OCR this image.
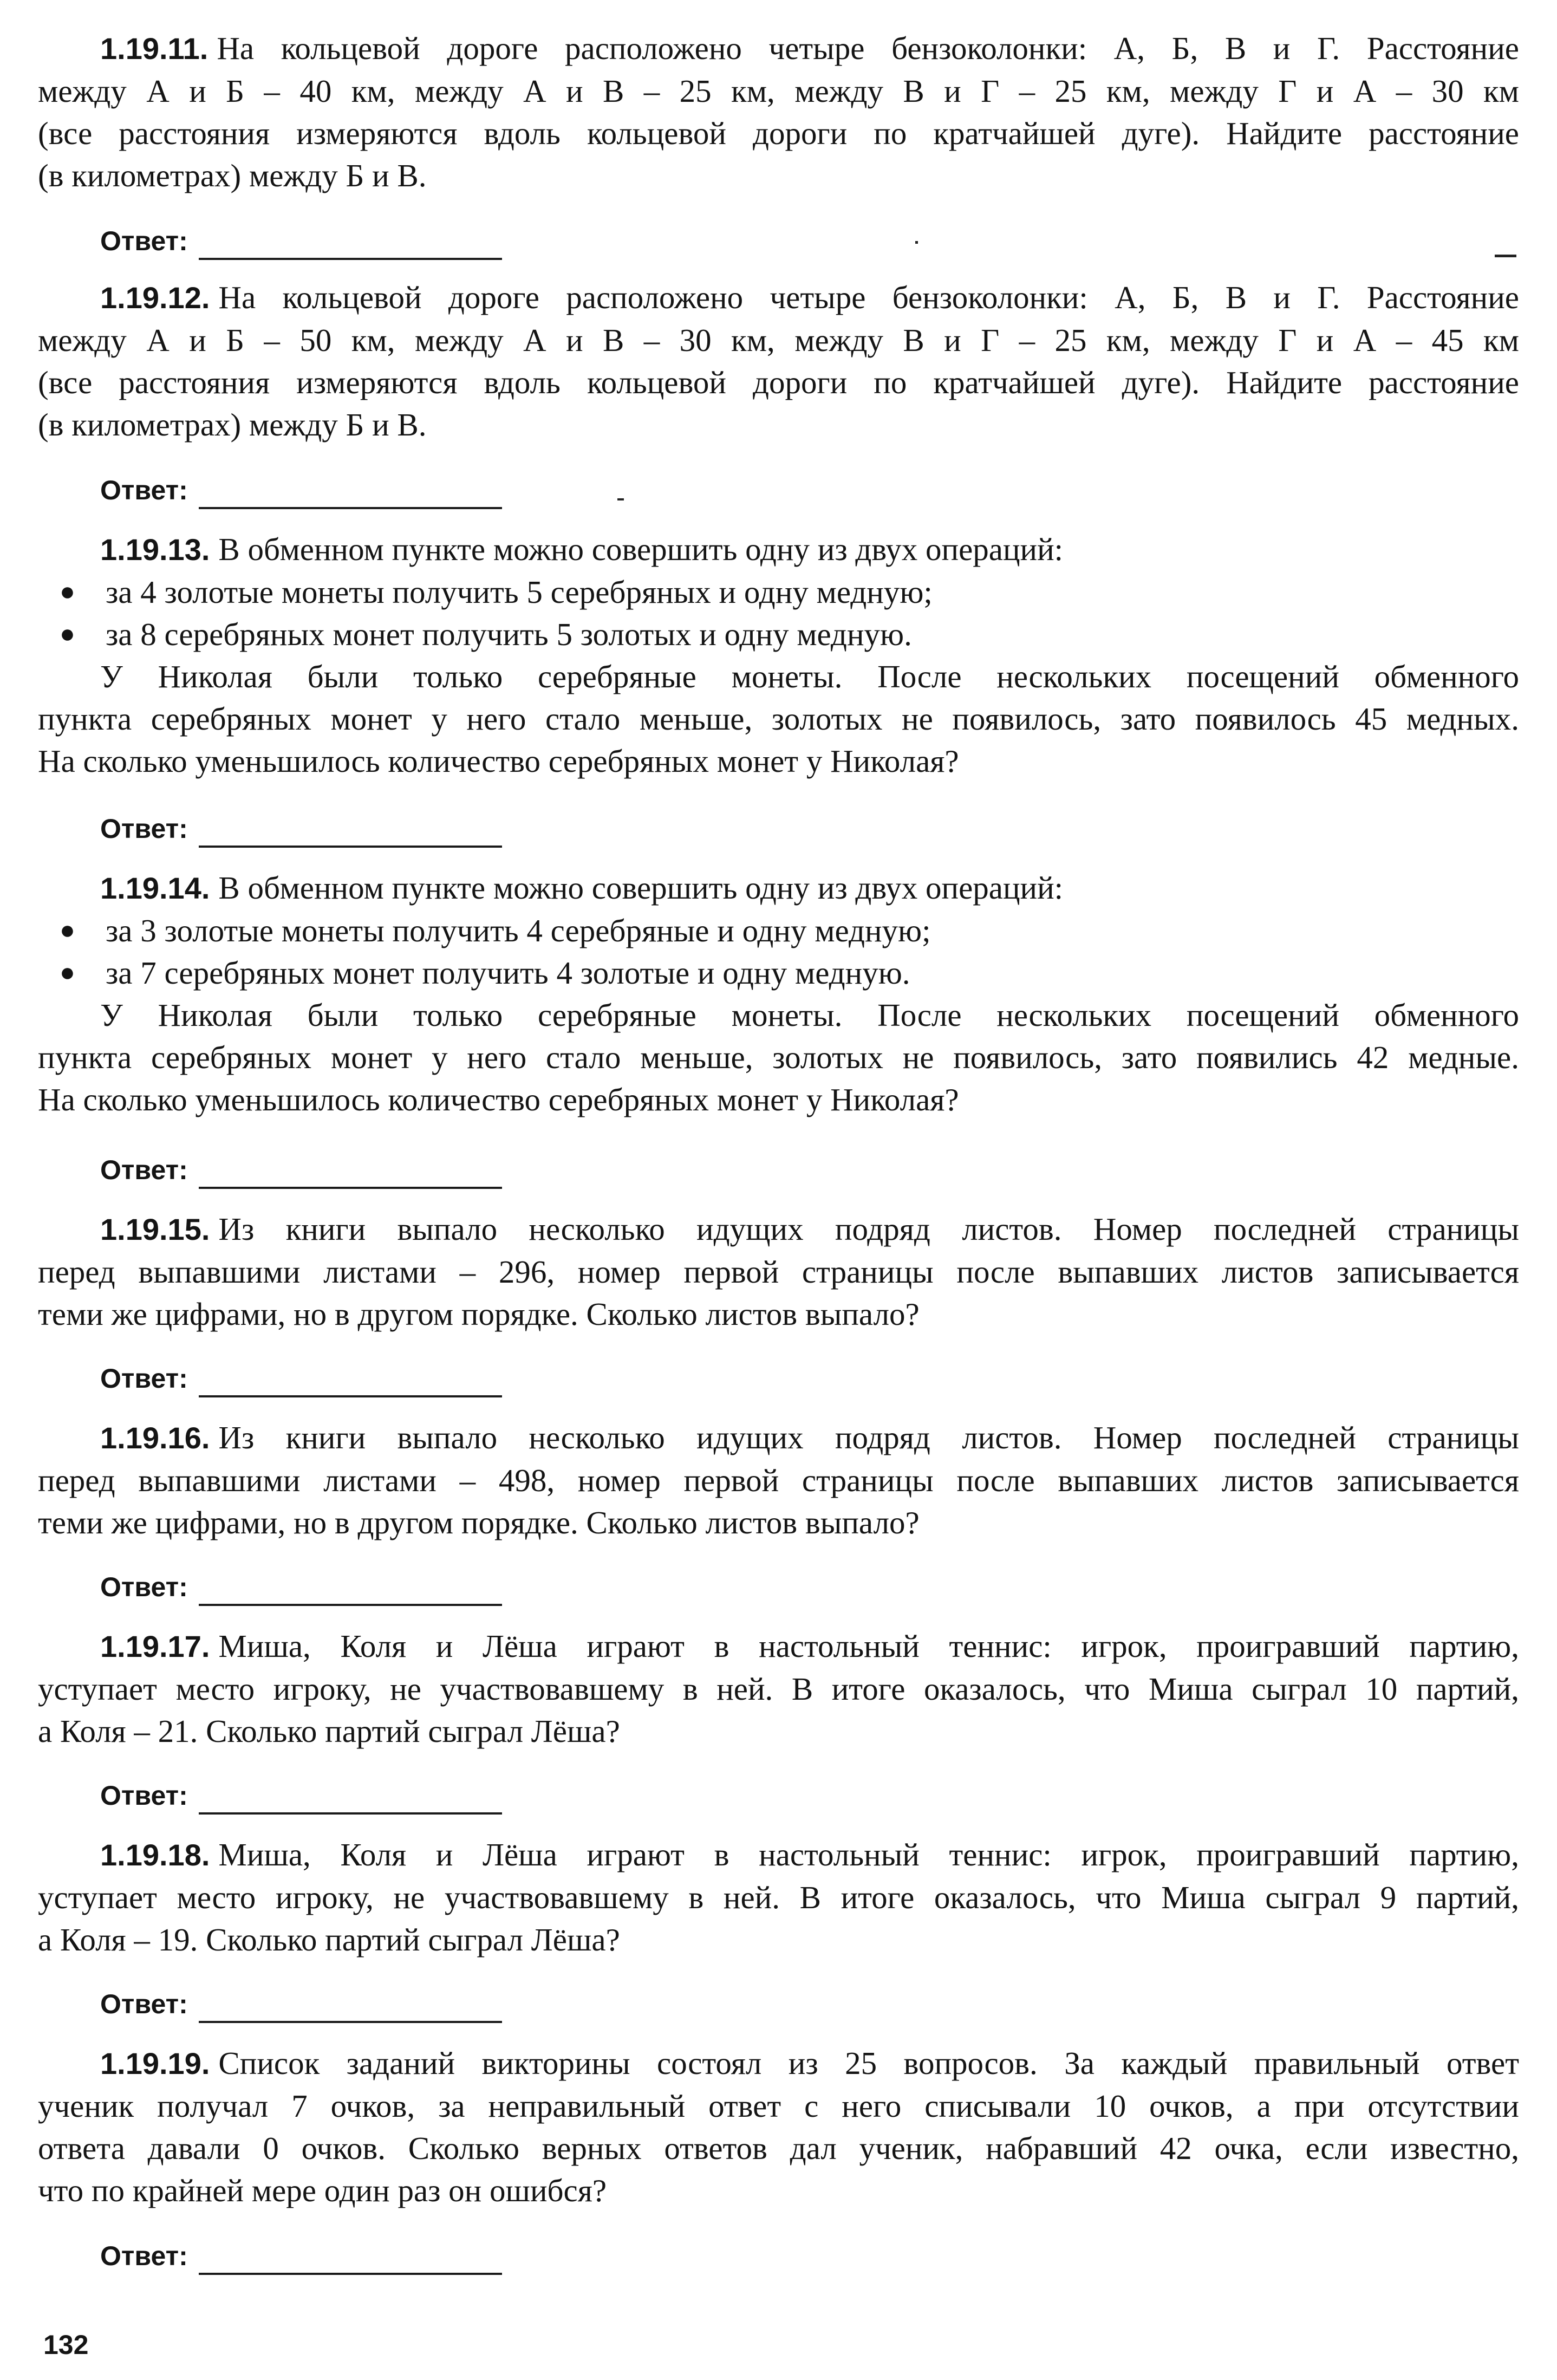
1.19.11. На кольцевой дороге расположено четыре бензоколонки: А, Б, В и Г. Расстояние
между А и Б – 40 км, между А и В – 25 км, между В и Г – 25 км, между Г и А – 30 км
(все расстояния измеряются вдоль кольцевой дороги по кратчайшей дуге). Найдите расстояние
(в километрах) между Б и В.

Ответ:

1.19.12. На кольцевой дороге расположено четыре бензоколонки: А, Б, В и Г. Расстояние
между А и Б – 50 км, между А и В – 30 км, между В и Г – 25 км, между Г и А – 45 км
(все расстояния измеряются вдоль кольцевой дороги по кратчайшей дуге). Найдите расстояние
(в километрах) между Б и В.

Ответ:

1.19.13. В обменном пункте можно совершить одну из двух операций:

● за 4 золотые монеты получить 5 серебряных и одну медную;
● за 8 серебряных монет получить 5 золотых и одну медную.

У Николая были только серебряные монеты. После нескольких посещений обменного
пункта серебряных монет у него стало меньше, золотых не появилось, зато появилось 45 медных.
На сколько уменьшилось количество серебряных монет у Николая?

Ответ:

1.19.14. В обменном пункте можно совершить одну из двух операций:

● за 3 золотые монеты получить 4 серебряные и одну медную;
● за 7 серебряных монет получить 4 золотые и одну медную.

У Николая были только серебряные монеты. После нескольких посещений обменного
пункта серебряных монет у него стало меньше, золотых не появилось, зато появились 42 медные.
На сколько уменьшилось количество серебряных монет у Николая?

Ответ:

1.19.15. Из книги выпало несколько идущих подряд листов. Номер последней страницы
перед выпавшими листами – 296, номер первой страницы после выпавших листов записывается
теми же цифрами, но в другом порядке. Сколько листов выпало?

Ответ:

1.19.16. Из книги выпало несколько идущих подряд листов. Номер последней страницы
перед выпавшими листами – 498, номер первой страницы после выпавших листов записывается
теми же цифрами, но в другом порядке. Сколько листов выпало?

Ответ:

1.19.17. Миша, Коля и Лёша играют в настольный теннис: игрок, проигравший партию,
уступает место игроку, не участвовавшему в ней. В итоге оказалось, что Миша сыграл 10 партий,
а Коля – 21. Сколько партий сыграл Лёша?

Ответ:

1.19.18. Миша, Коля и Лёша играют в настольный теннис: игрок, проигравший партию,
уступает место игроку, не участвовавшему в ней. В итоге оказалось, что Миша сыграл 9 партий,
а Коля – 19. Сколько партий сыграл Лёша?

Ответ:

1.19.19. Список заданий викторины состоял из 25 вопросов. За каждый правильный ответ
ученик получал 7 очков, за неправильный ответ с него списывали 10 очков, а при отсутствии
ответа давали 0 очков. Сколько верных ответов дал ученик, набравший 42 очка, если известно,
что по крайней мере один раз он ошибся?

Ответ:
132
